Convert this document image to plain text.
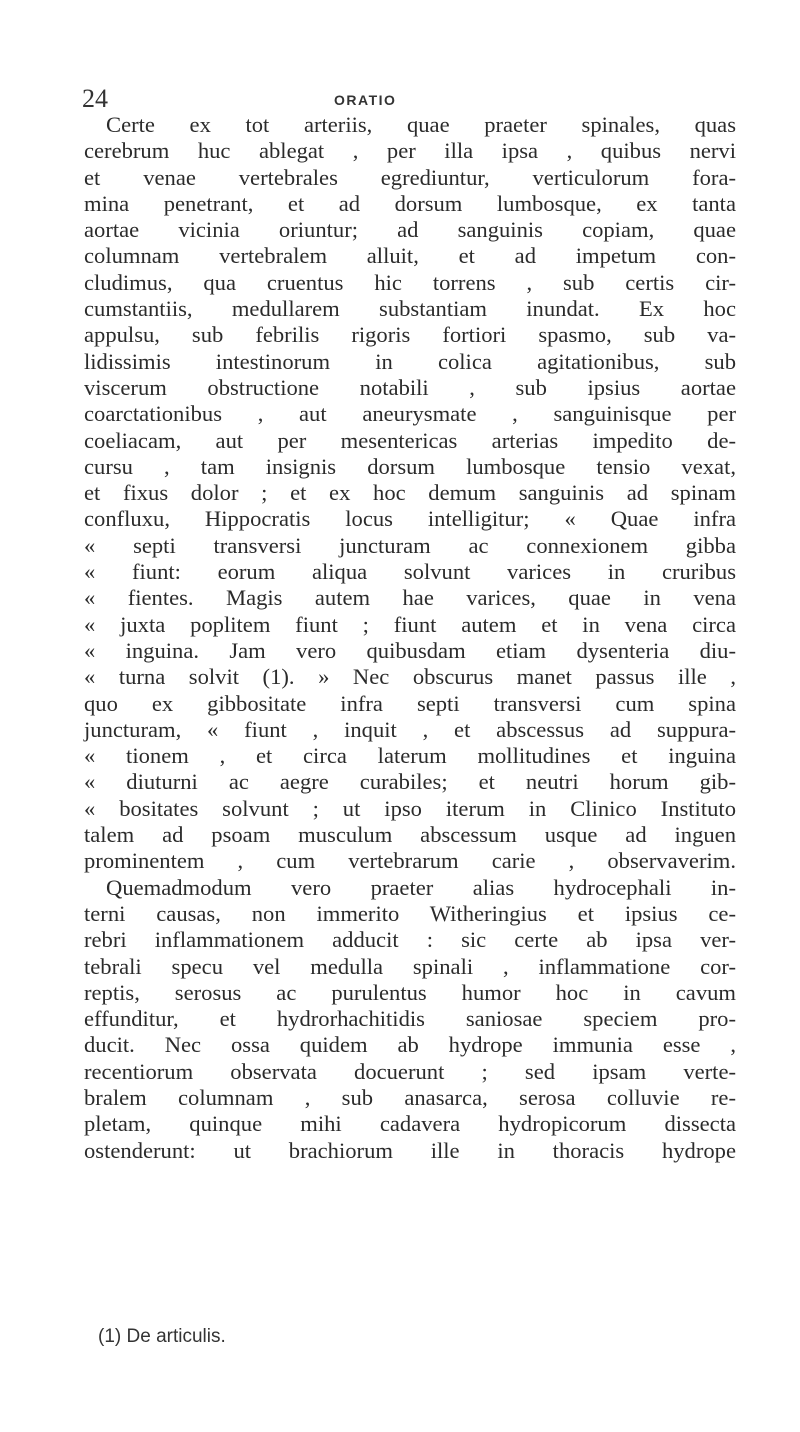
24	ORATIO
Certe ex tot arteriis, quae praeter spinales, quas
cerebrum huc ablegat , per illa ipsa , quibus nervi
et venae vertebrales egrediuntur, verticulorum fora-
mina penetrant, et ad dorsum lumbosque, ex tanta
aortae vicinia oriuntur; ad sanguinis copiam, quae
columnam vertebralem alluit, et ad impetum con-
cludimus, qua cruentus hic torrens , sub certis cir-
cumstantiis, medullarem substantiam inundat. Ex hoc
appulsu, sub febrilis rigoris fortiori spasmo, sub va-
lidissimis intestinorum in colica agitationibus, sub
viscerum obstructione notabili , sub ipsius aortae
coarctationibus , aut aneurysmate , sanguinisque per
coeliacam, aut per mesentericas arterias impedito de-
cursu , tam insignis dorsum lumbosque tensio vexat,
et fixus dolor ; et ex hoc demum sanguinis ad spinam
confluxu, Hippocratis locus intelligitur; « Quae infra
« septi transversi juncturam ac connexionem gibba
« fiunt: eorum aliqua solvunt varices in cruribus
« fientes. Magis autem hae varices, quae in vena
« juxta poplitem fiunt ; fiunt autem et in vena circa
« inguina. Jam vero quibusdam etiam dysenteria diu-
« turna solvit (1). » Nec obscurus manet passus ille ,
quo ex gibbositate infra septi transversi cum spina
juncturam, « fiunt , inquit , et abscessus ad suppura-
« tionem , et circa laterum mollitudines et inguina
« diuturni ac aegre curabiles; et neutri horum gib-
« bositates solvunt ; ut ipso iterum in Clinico Instituto
talem ad psoam musculum abscessum usque ad inguen
prominentem , cum vertebrarum carie , observaverim.
Quemadmodum vero praeter alias hydrocephali in-
terni causas, non immerito Witheringius et ipsius ce-
rebri inflammationem adducit : sic certe ab ipsa ver-
tebrali specu vel medulla spinali , inflammatione cor-
reptis, serosus ac purulentus humor hoc in cavum
effunditur, et hydrorhachitidis saniosae speciem pro-
ducit. Nec ossa quidem ab hydrope immunia esse ,
recentiorum observata docuerunt ; sed ipsam verte-
bralem columnam , sub anasarca, serosa colluvie re-
pletam, quinque mihi cadavera hydropicorum dissecta
ostenderunt: ut brachiorum ille in thoracis hydrope
(1) De articulis.
